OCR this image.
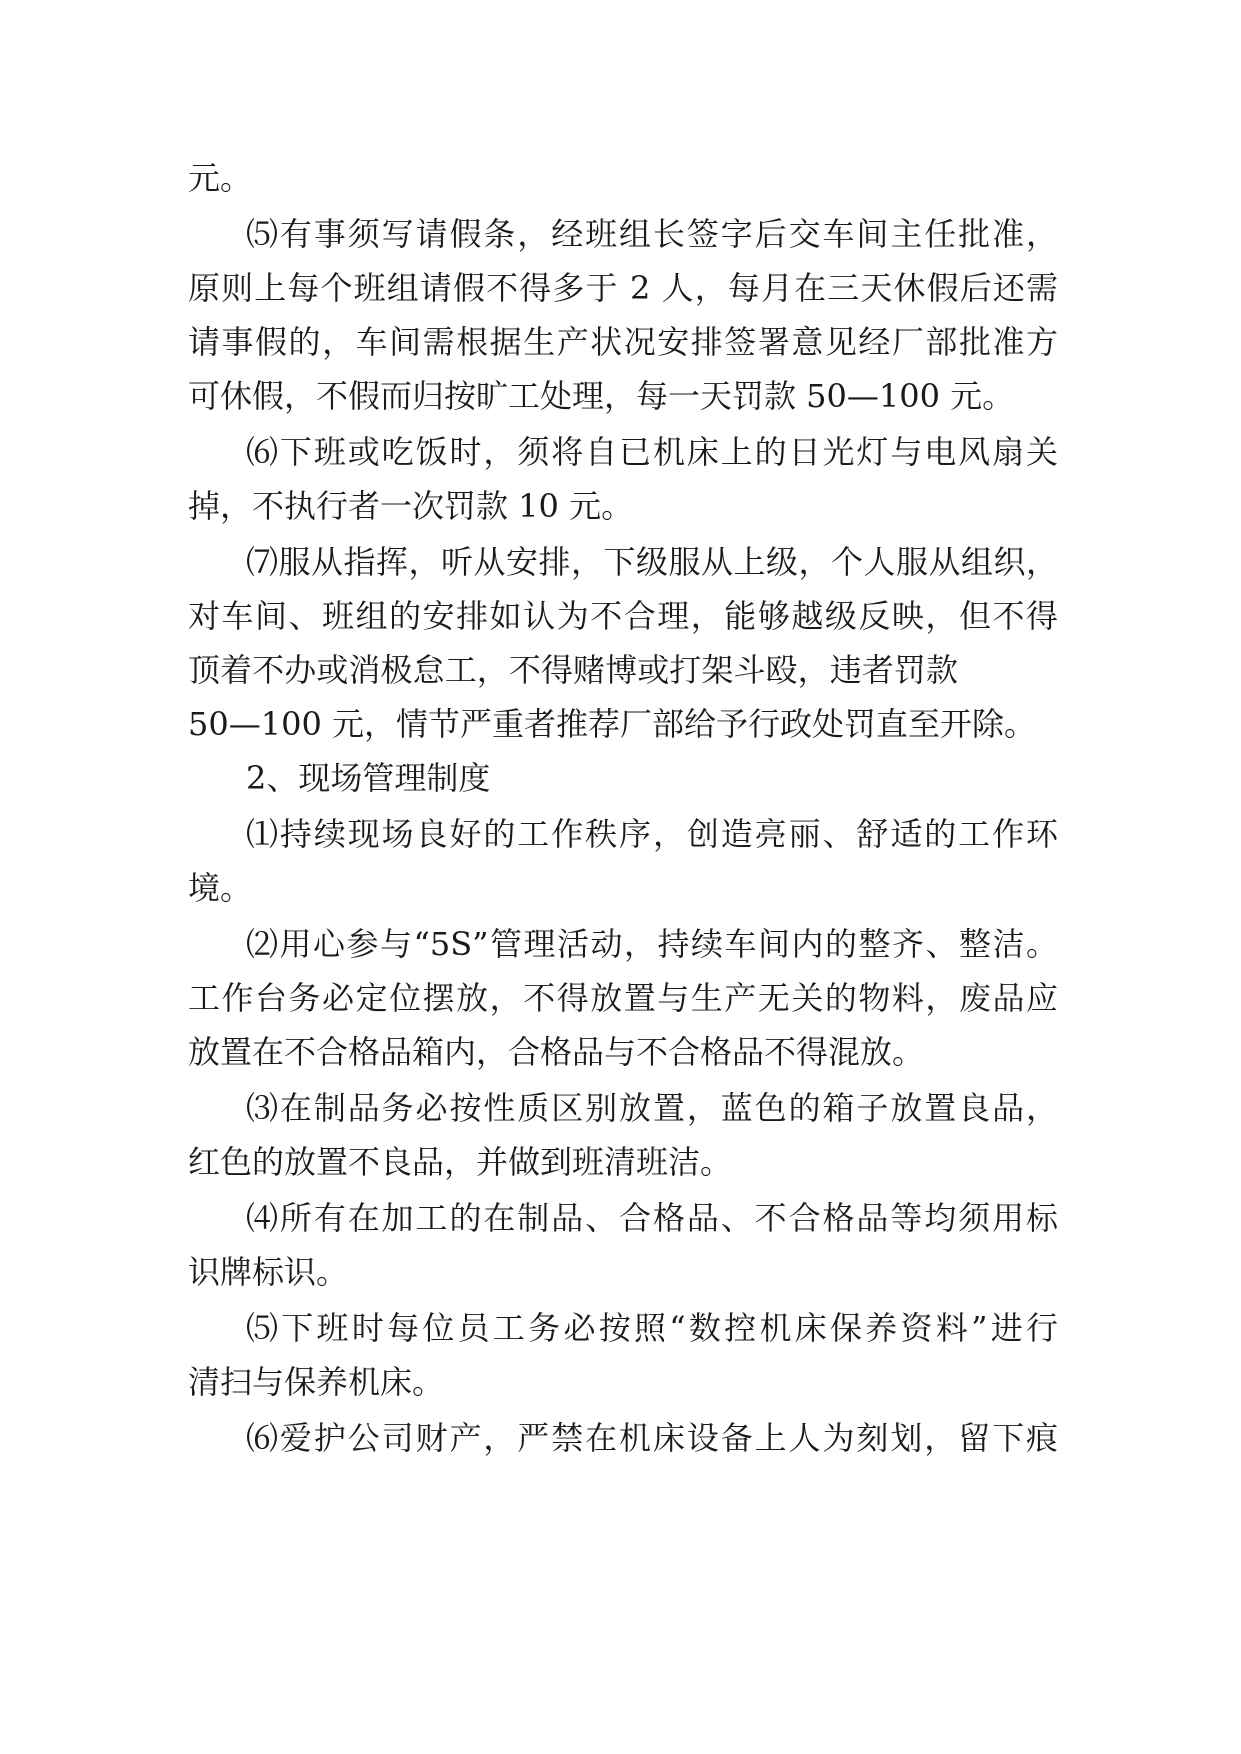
元。
⑸有事须写请假条，经班组长签字后交车间主任批准，
原则上每个班组请假不得多于 2 人，每月在三天休假后还需
请事假的，车间需根据生产状况安排签署意见经厂部批准方
可休假，不假而归按旷工处理，每一天罚款 50—100 元。
⑹下班或吃饭时，须将自已机床上的日光灯与电风扇关
掉，不执行者一次罚款 10 元。
⑺服从指挥，听从安排，下级服从上级，个人服从组织，
对车间、班组的安排如认为不合理，能够越级反映，但不得
顶着不办或消极怠工，不得赌博或打架斗殴，违者罚款
50—100 元，情节严重者推荐厂部给予行政处罚直至开除。
2、现场管理制度
⑴持续现场良好的工作秩序，创造亮丽、舒适的工作环
境。
⑵用心参与“5S”管理活动，持续车间内的整齐、整洁。
工作台务必定位摆放，不得放置与生产无关的物料，废品应
放置在不合格品箱内，合格品与不合格品不得混放。
⑶在制品务必按性质区别放置，蓝色的箱子放置良品，
红色的放置不良品，并做到班清班洁。
⑷所有在加工的在制品、合格品、不合格品等均须用标
识牌标识。
⑸下班时每位员工务必按照“数控机床保养资料”进行
清扫与保养机床。
⑹爱护公司财产，严禁在机床设备上人为刻划，留下痕
